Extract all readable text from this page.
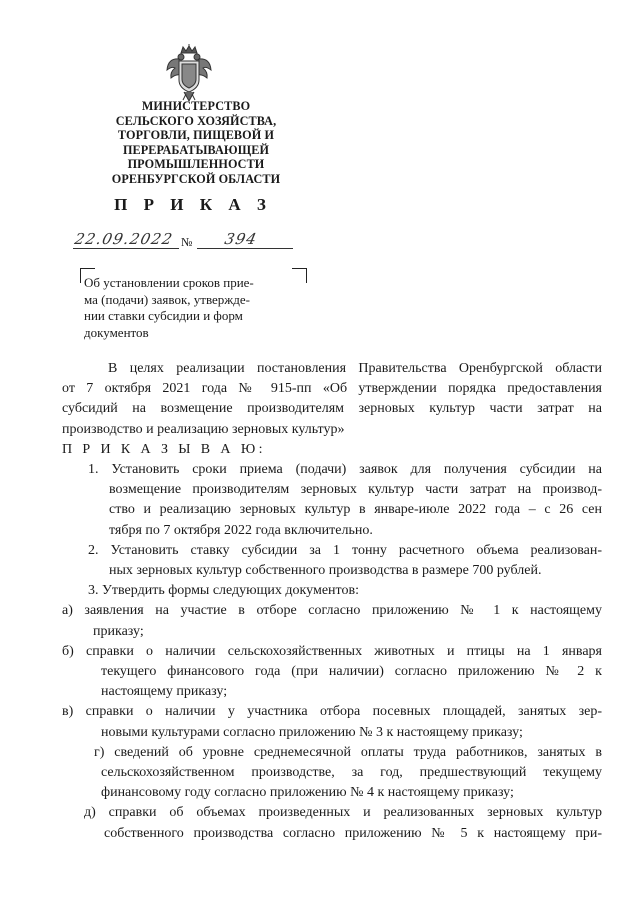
МИНИСТЕРСТВО
СЕЛЬСКОГО ХОЗЯЙСТВА,
ТОРГОВЛИ, ПИЩЕВОЙ И
ПЕРЕРАБАТЫВАЮЩЕЙ
ПРОМЫШЛЕННОСТИ
ОРЕНБУРГСКОЙ ОБЛАСТИ
П Р И К А З
22.09.2022 № 394
Об установлении сроков прие-
ма (подачи) заявок, утвержде-
нии ставки субсидии и форм
документов
В целях реализации постановления Правительства Оренбургской области
от 7 октября 2021 года № 915-пп «Об утверждении порядка предоставления
субсидий на возмещение производителям зерновых культур части затрат на
производство и реализацию зерновых культур»
П Р И К А З Ы В А Ю:
1. Установить сроки приема (подачи) заявок для получения субсидии на
возмещение производителям зерновых культур части затрат на производ-
ство и реализацию зерновых культур в январе-июле 2022 года – с 26 сен
тября по 7 октября 2022 года включительно.
2. Установить ставку субсидии за 1 тонну расчетного объема реализован-
ных зерновых культур собственного производства в размере 700 рублей.
3. Утвердить формы следующих документов:
а) заявления на участие в отборе согласно приложению № 1 к настоящему
приказу;
б) справки о наличии сельскохозяйственных животных и птицы на 1 января
текущего финансового года (при наличии) согласно приложению № 2 к
настоящему приказу;
в) справки о наличии у участника отбора посевных площадей, занятых зер-
новыми культурами согласно приложению № 3 к настоящему приказу;
г) сведений об уровне среднемесячной оплаты труда работников, занятых в
сельскохозяйственном производстве, за год, предшествующий текущему
финансовому году согласно приложению № 4 к настоящему приказу;
д) справки об объемах произведенных и реализованных зерновых культур
собственного производства согласно приложению № 5 к настоящему при-
